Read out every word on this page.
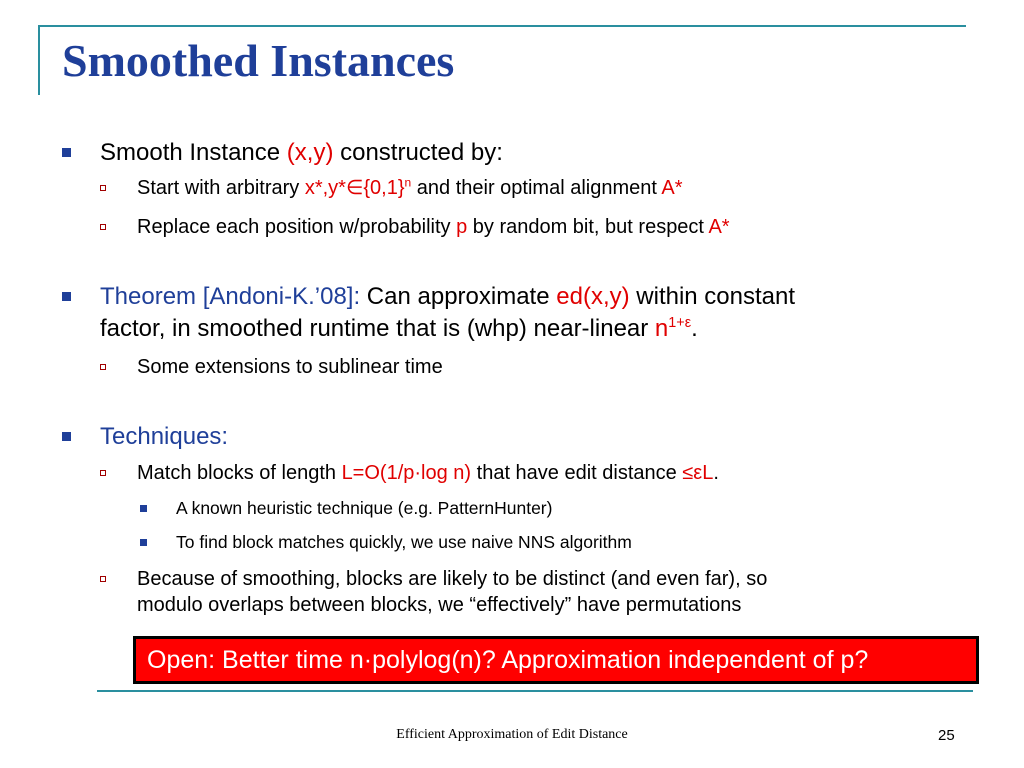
Smoothed Instances
Smooth Instance (x,y) constructed by:
Start with arbitrary $x*,y*\in\{0,1\}^n$ and their optimal alignment A*
Replace each position w/probability p by random bit, but respect A*
Theorem [Andoni-K.’08]: Can approximate ed(x,y) within constant
factor, in smoothed runtime that is (whp) near-linear $n^{1+\varepsilon}$.
Some extensions to sublinear time
Techniques:
Match blocks of length L=O(1/p·log n) that have edit distance ≤εL.
A known heuristic technique (e.g. PatternHunter)
To find block matches quickly, we use naive NNS algorithm
Because of smoothing, blocks are likely to be distinct (and even far), so
modulo overlaps between blocks, we “effectively” have permutations
Open: Better time n·polylog(n)? Approximation independent of p?
Efficient Approximation of Edit Distance	25
